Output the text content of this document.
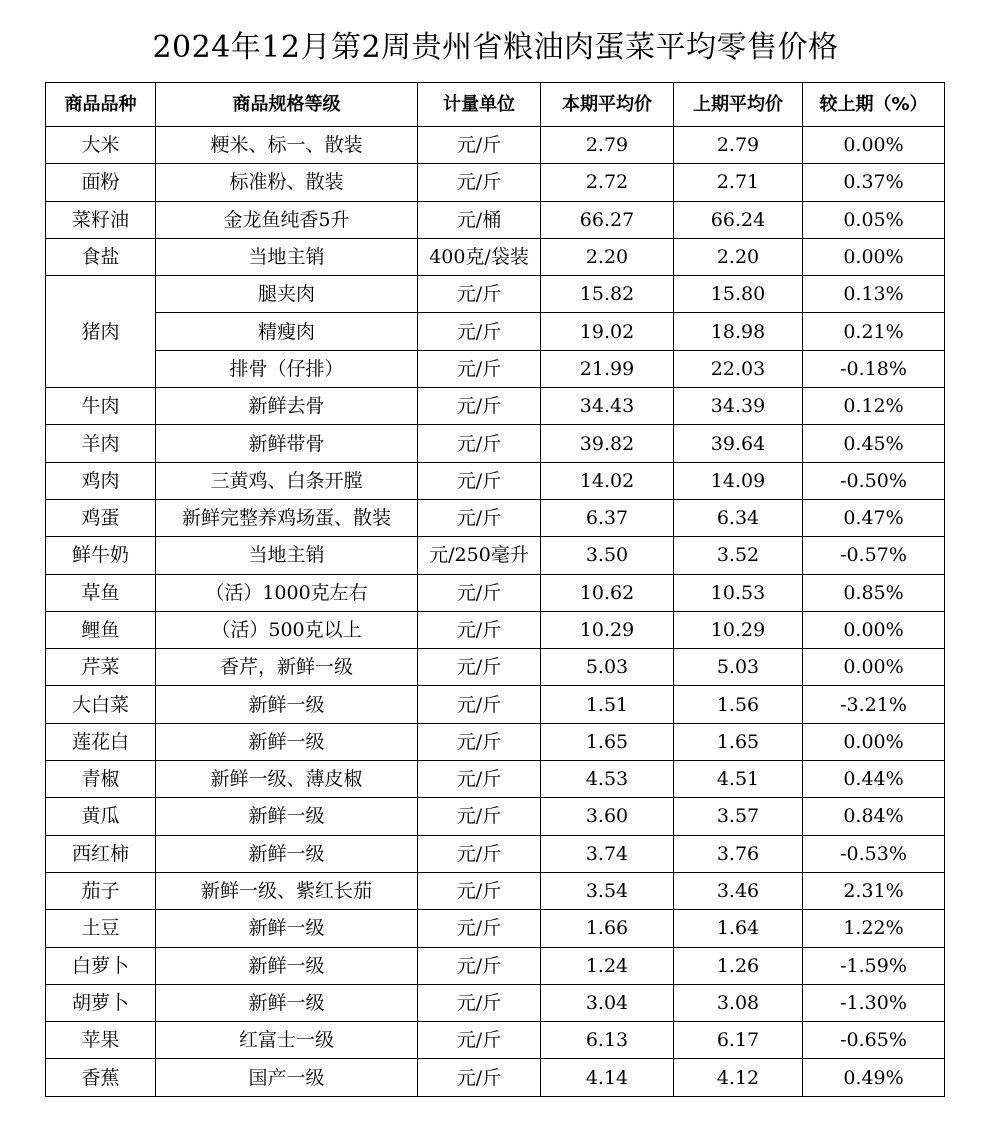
2024年12月第2周贵州省粮油肉蛋菜平均零售价格
商品品种	商品规格等级	计量单位	本期平均价	上期平均价	较上期（%）
大米	粳米、标一、散装	元/斤	2.79	2.79	0.00%
面粉	标准粉、散装	元/斤	2.72	2.71	0.37%
菜籽油	金龙鱼纯香5升	元/桶	66.27	66.24	0.05%
食盐	当地主销	400克/袋装	2.20	2.20	0.00%
猪肉	腿夹肉	元/斤	15.82	15.80	0.13%
	精瘦肉	元/斤	19.02	18.98	0.21%
	排骨（仔排）	元/斤	21.99	22.03	-0.18%
牛肉	新鲜去骨	元/斤	34.43	34.39	0.12%
羊肉	新鲜带骨	元/斤	39.82	39.64	0.45%
鸡肉	三黄鸡、白条开膛	元/斤	14.02	14.09	-0.50%
鸡蛋	新鲜完整养鸡场蛋、散装	元/斤	6.37	6.34	0.47%
鲜牛奶	当地主销	元/250毫升	3.50	3.52	-0.57%
草鱼	（活）1000克左右	元/斤	10.62	10.53	0.85%
鲤鱼	（活）500克以上	元/斤	10.29	10.29	0.00%
芹菜	香芹，新鲜一级	元/斤	5.03	5.03	0.00%
大白菜	新鲜一级	元/斤	1.51	1.56	-3.21%
莲花白	新鲜一级	元/斤	1.65	1.65	0.00%
青椒	新鲜一级、薄皮椒	元/斤	4.53	4.51	0.44%
黄瓜	新鲜一级	元/斤	3.60	3.57	0.84%
西红柿	新鲜一级	元/斤	3.74	3.76	-0.53%
茄子	新鲜一级、紫红长茄	元/斤	3.54	3.46	2.31%
土豆	新鲜一级	元/斤	1.66	1.64	1.22%
白萝卜	新鲜一级	元/斤	1.24	1.26	-1.59%
胡萝卜	新鲜一级	元/斤	3.04	3.08	-1.30%
苹果	红富士一级	元/斤	6.13	6.17	-0.65%
香蕉	国产一级	元/斤	4.14	4.12	0.49%
